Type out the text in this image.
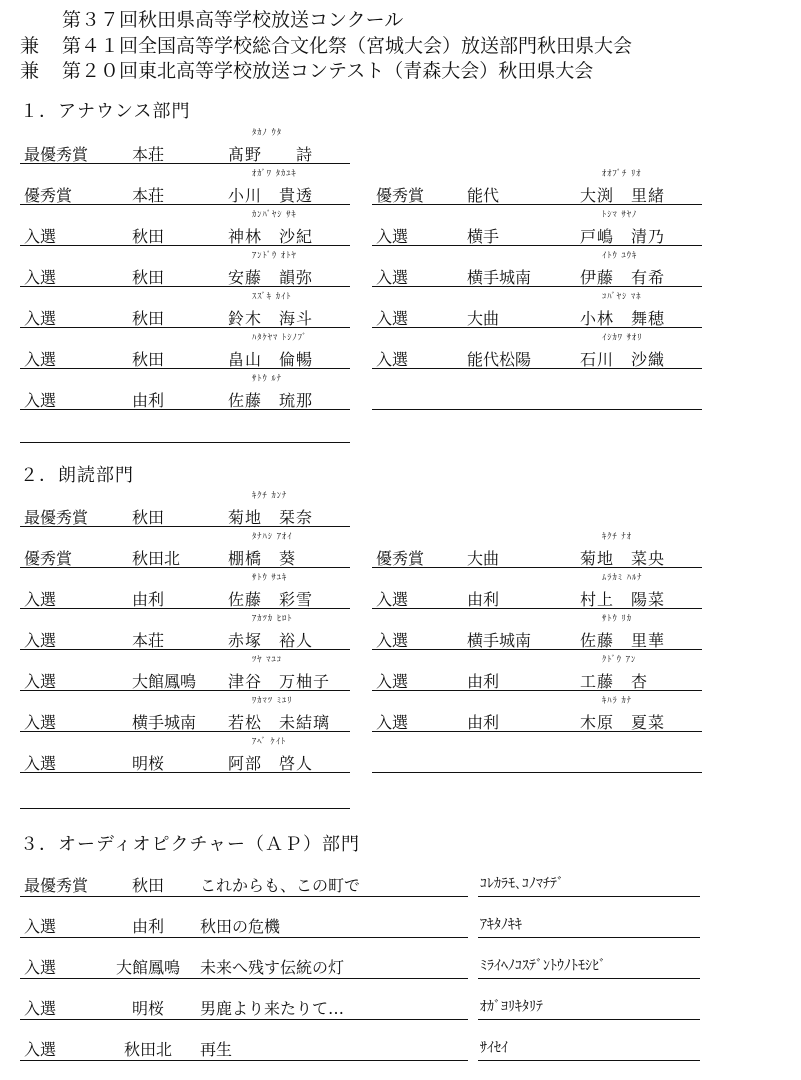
第３７回秋田県高等学校放送コンクール
兼 第４１回全国高等学校総合文化祭（宮城大会）放送部門秋田県大会
兼 第２０回東北高等学校放送コンテスト（青森大会）秋田県大会
１．アナウンス部門
ﾀｶﾉ ｳﾀ
最優秀賞	本荘	髙野　　詩
ｵｶﾞﾜ ﾀｶﾕｷ
優秀賞	本荘	小川　貴透
ｶﾝﾊﾞﾔｼ ｻｷ
入選	秋田	神林　沙紀
ｱﾝﾄﾞｳ ｵﾄﾔ
入選	秋田	安藤　韻弥
ｽｽﾞｷ ｶｲﾄ
入選	秋田	鈴木　海斗
ﾊﾀｹﾔﾏ ﾄｼﾉﾌﾞ
入選	秋田	畠山　倫暢
ｻﾄｳ ﾙﾅ
入選	由利	佐藤　琉那
ｵｵﾌﾞﾁ ﾘｵ
優秀賞	能代	大渕　里緒
ﾄｼﾏ ｻﾔﾉ
入選	横手	戸嶋　清乃
ｲﾄｳ ﾕｳｷ
入選	横手城南	伊藤　有希
ｺﾊﾞﾔｼ ﾏﾎ
入選	大曲	小林　舞穂
ｲｼｶﾜ ｻｵﾘ
入選	能代松陽	石川　沙織
２．朗読部門
ｷｸﾁ ｶﾝﾅ
最優秀賞	秋田	菊地　栞奈
ﾀﾅﾊｼ ｱｵｲ
優秀賞	秋田北	棚橋　葵
ｻﾄｳ ｻﾕｷ
入選	由利	佐藤　彩雪
ｱｶﾂｶ ﾋﾛﾄ
入選	本荘	赤塚　裕人
ﾂﾔ ﾏﾕｺ
入選	大館鳳鳴 津谷　万柚子
ﾜｶﾏﾂ ﾐﾕﾘ
入選	横手城南 若松　未結璃
ｱﾍﾞ ｹｲﾄ
入選	明桜	阿部　啓人
ｷｸﾁ ﾅｵ
優秀賞	大曲	菊地　菜央
ﾑﾗｶﾐ ﾊﾙﾅ
入選	由利	村上　陽菜
ｻﾄｳ ﾘｶ
入選	横手城南	佐藤　里華
ｸﾄﾞｳ ｱﾝ
入選	由利	工藤　杏
ｷﾊﾗ ｶﾅ
入選	由利	木原　夏菜
３．オーディオピクチャー（ＡＰ）部門
最優秀賞	秋田 これからも、この町で	ｺﾚｶﾗﾓ､ｺﾉﾏﾁﾃﾞ
入選	由利 秋田の危機	ｱｷﾀﾉｷｷ
入選	大館鳳鳴 未来へ残す伝統の灯	ﾐﾗｲﾍﾉｺｽﾃﾞﾝﾄｳﾉﾄﾓｼﾋﾞ
入選	明桜 男鹿より来たりて…	ｵｶﾞﾖﾘｷﾀﾘﾃ
入選	秋田北 再生	ｻｲｾｲ
